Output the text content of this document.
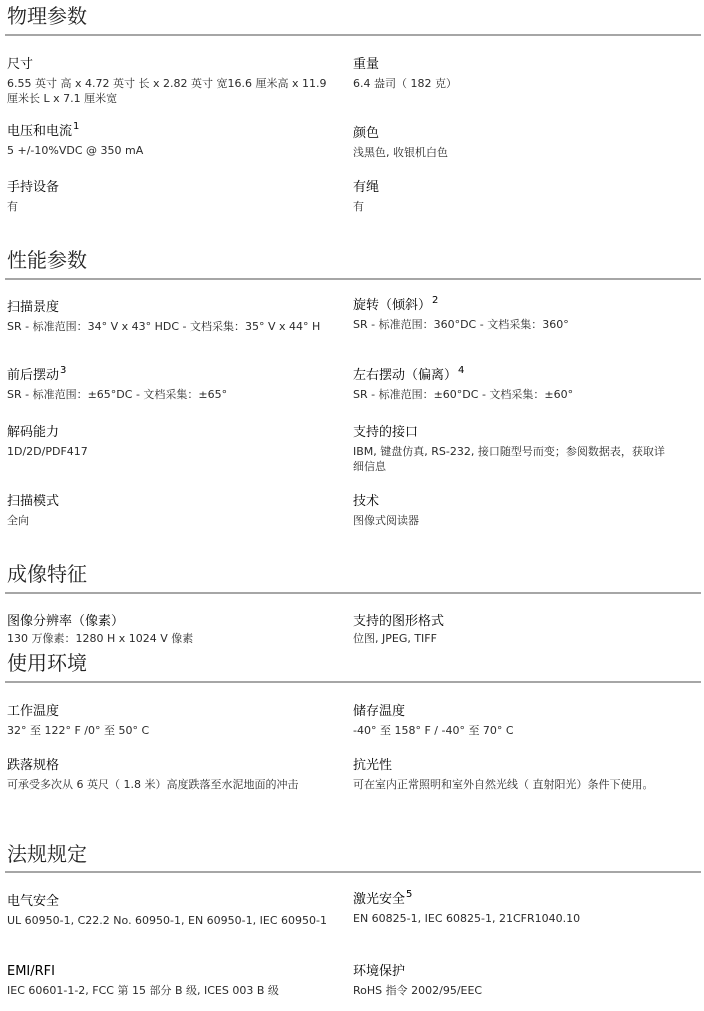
物理参数

尺寸

6.55 英寸 高 x 4.72 英寸 长 x 2.82 英寸 宽16.6 厘米高 x 11.9 厘米长 L x 7.1 厘米宽

重量

6.4 盎司（ 182 克）

电压和电流$^1$

5 +/-10%VDC @ 350 mA

颜色

浅黑色, 收银机白色

手持设备

有

有绳

有

性能参数

扫描景度

SR - 标准范围：34° V x 43° HDC - 文档采集：35° V x 44° H

旋转（倾斜）$^2$

SR - 标准范围：360°DC - 文档采集：360°

前后摆动$^3$

SR - 标准范围：±65°DC - 文档采集：±65°

左右摆动（偏离）$^4$

SR - 标准范围：±60°DC - 文档采集：±60°

解码能力

1D/2D/PDF417

支持的接口

IBM, 键盘仿真, RS-232, 接口随型号而变；参阅数据表，获取详细信息

扫描模式

全向

技术

图像式阅读器

成像特征

图像分辨率（像素）

130 万像素：1280 H x 1024 V 像素

支持的图形格式

位图, JPEG, TIFF

使用环境

工作温度

32° 至 122° F /0° 至 50° C

储存温度

-40° 至 158° F / -40° 至 70° C

跌落规格

可承受多次从 6 英尺（ 1.8 米）高度跌落至水泥地面的冲击

抗光性

可在室内正常照明和室外自然光线（ 直射阳光）条件下使用。

法规规定

电气安全

UL 60950-1, C22.2 No. 60950-1, EN 60950-1, IEC 60950-1

激光安全$^5$

EN 60825-1, IEC 60825-1, 21CFR1040.10

EMI/RFI

IEC 60601-1-2, FCC 第 15 部分 B 级, ICES 003 B 级

环境保护

RoHS 指令 2002/95/EEC
